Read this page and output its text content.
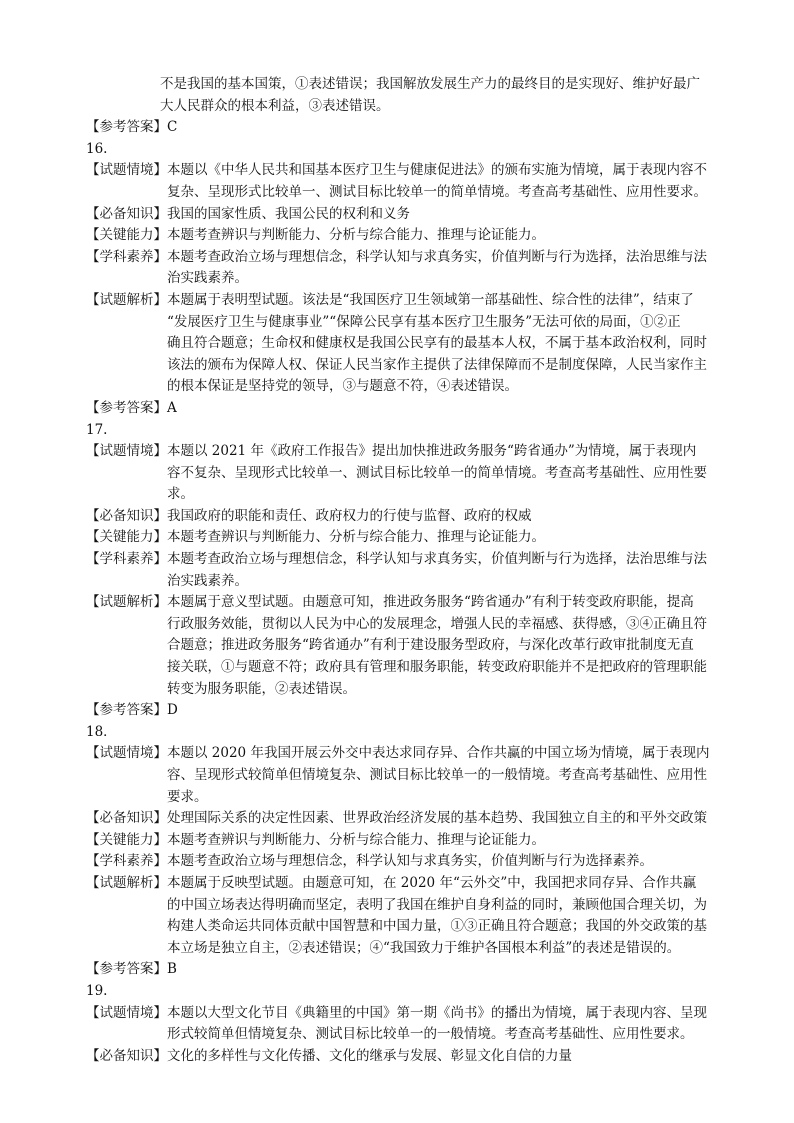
不是我国的基本国策，①表述错误；我国解放发展生产力的最终目的是实现好、维护好最广
大人民群众的根本利益，③表述错误。
【参考答案】C
16.
【试题情境】 本题以《中华人民共和国基本医疗卫生与健康促进法》的颁布实施为情境，属于表现内容不
复杂、呈现形式比较单一、测试目标比较单一的简单情境。考查高考基础性、应用性要求。
【必备知识】 我国的国家性质、我国公民的权利和义务
【关键能力】 本题考查辨识与判断能力、分析与综合能力、推理与论证能力。
【学科素养】 本题考查政治立场与理想信念，科学认知与求真务实，价值判断与行为选择，法治思维与法
治实践素养。
【试题解析】 本题属于表明型试题。该法是“我国医疗卫生领域第一部基础性、综合性的法律”，结束了
“发展医疗卫生与健康事业”“保障公民享有基本医疗卫生服务”无法可依的局面，①②正
确且符合题意；生命权和健康权是我国公民享有的最基本人权，不属于基本政治权利，同时
该法的颁布为保障人权、保证人民当家作主提供了法律保障而不是制度保障，人民当家作主
的根本保证是坚持党的领导，③与题意不符，④表述错误。
【参考答案】A
17.
【试题情境】 本题以 2021 年《政府工作报告》提出加快推进政务服务“跨省通办”为情境，属于表现内
容不复杂、呈现形式比较单一、测试目标比较单一的简单情境。考查高考基础性、应用性要
求。
【必备知识】 我国政府的职能和责任、政府权力的行使与监督、政府的权威
【关键能力】 本题考查辨识与判断能力、分析与综合能力、推理与论证能力。
【学科素养】 本题考查政治立场与理想信念，科学认知与求真务实，价值判断与行为选择，法治思维与法
治实践素养。
【试题解析】 本题属于意义型试题。由题意可知，推进政务服务“跨省通办”有利于转变政府职能，提高
行政服务效能，贯彻以人民为中心的发展理念，增强人民的幸福感、获得感，③④正确且符
合题意；推进政务服务“跨省通办”有利于建设服务型政府，与深化改革行政审批制度无直
接关联，①与题意不符；政府具有管理和服务职能，转变政府职能并不是把政府的管理职能
转变为服务职能，②表述错误。
【参考答案】D
18．
【试题情境】 本题以 2020 年我国开展云外交中表达求同存异、合作共赢的中国立场为情境，属于表现内
容、呈现形式较简单但情境复杂、测试目标比较单一的一般情境。考查高考基础性、应用性
要求。
【必备知识】 处理国际关系的决定性因素、世界政治经济发展的基本趋势、我国独立自主的和平外交政策
【关键能力】 本题考查辨识与判断能力、分析与综合能力、推理与论证能力。
【学科素养】 本题考查政治立场与理想信念，科学认知与求真务实，价值判断与行为选择素养。
【试题解析】 本题属于反映型试题。由题意可知，在 2020 年“云外交”中，我国把求同存异、合作共赢
的中国立场表达得明确而坚定，表明了我国在维护自身利益的同时，兼顾他国合理关切，为
构建人类命运共同体贡献中国智慧和中国力量，①③正确且符合题意；我国的外交政策的基
本立场是独立自主，②表述错误；④“我国致力于维护各国根本利益”的表述是错误的。
【参考答案】B
19.
【试题情境】 本题以大型文化节目《典籍里的中国》第一期《尚书》的播出为情境，属于表现内容、呈现
形式较简单但情境复杂、测试目标比较单一的一般情境。考查高考基础性、应用性要求。
【必备知识】 文化的多样性与文化传播、文化的继承与发展、彰显文化自信的力量
